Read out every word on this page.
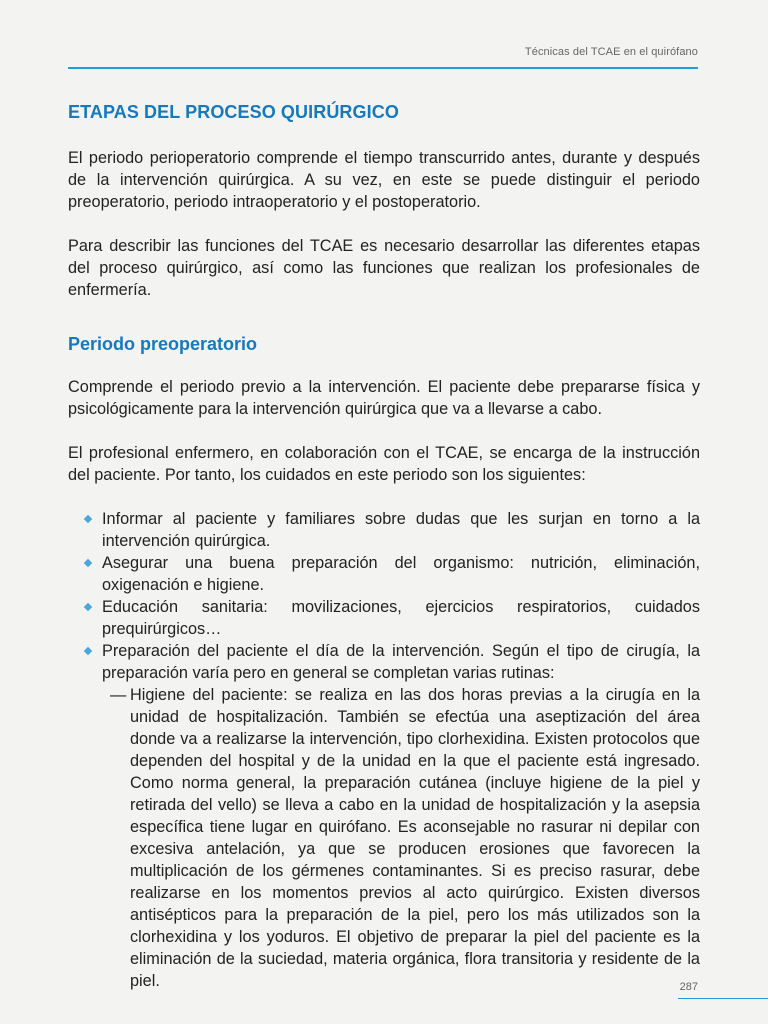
Técnicas del TCAE en el quirófano
ETAPAS DEL PROCESO QUIRÚRGICO

El periodo perioperatorio comprende el tiempo transcurrido antes, durante y después de la intervención quirúrgica. A su vez, en este se puede distinguir el periodo preoperatorio, periodo intraoperatorio y el postoperatorio.

Para describir las funciones del TCAE es necesario desarrollar las diferentes etapas del proceso quirúrgico, así como las funciones que realizan los profesionales de enfermería.

Periodo preoperatorio

Comprende el periodo previo a la intervención. El paciente debe prepararse física y psicológicamente para la intervención quirúrgica que va a llevarse a cabo.

El profesional enfermero, en colaboración con el TCAE, se encarga de la instrucción del paciente. Por tanto, los cuidados en este periodo son los siguientes:

Informar al paciente y familiares sobre dudas que les surjan en torno a la intervención quirúrgica.
Asegurar una buena preparación del organismo: nutrición, eliminación, oxigenación e higiene.
Educación sanitaria: movilizaciones, ejercicios respiratorios, cuidados prequirúrgicos…
Preparación del paciente el día de la intervención. Según el tipo de cirugía, la preparación varía pero en general se completan varias rutinas:
— Higiene del paciente: se realiza en las dos horas previas a la cirugía en la unidad de hospitalización. También se efectúa una aseptización del área donde va a realizarse la intervención, tipo clorhexidina. Existen protocolos que dependen del hospital y de la unidad en la que el paciente está ingresado. Como norma general, la preparación cutánea (incluye higiene de la piel y retirada del vello) se lleva a cabo en la unidad de hospitalización y la asepsia específica tiene lugar en quirófano. Es aconsejable no rasurar ni depilar con excesiva antelación, ya que se producen erosiones que favorecen la multiplicación de los gérmenes contaminantes. Si es preciso rasurar, debe realizarse en los momentos previos al acto quirúrgico. Existen diversos antisépticos para la preparación de la piel, pero los más utilizados son la clorhexidina y los yoduros. El objetivo de preparar la piel del paciente es la eliminación de la suciedad, materia orgánica, flora transitoria y residente de la piel.	287
